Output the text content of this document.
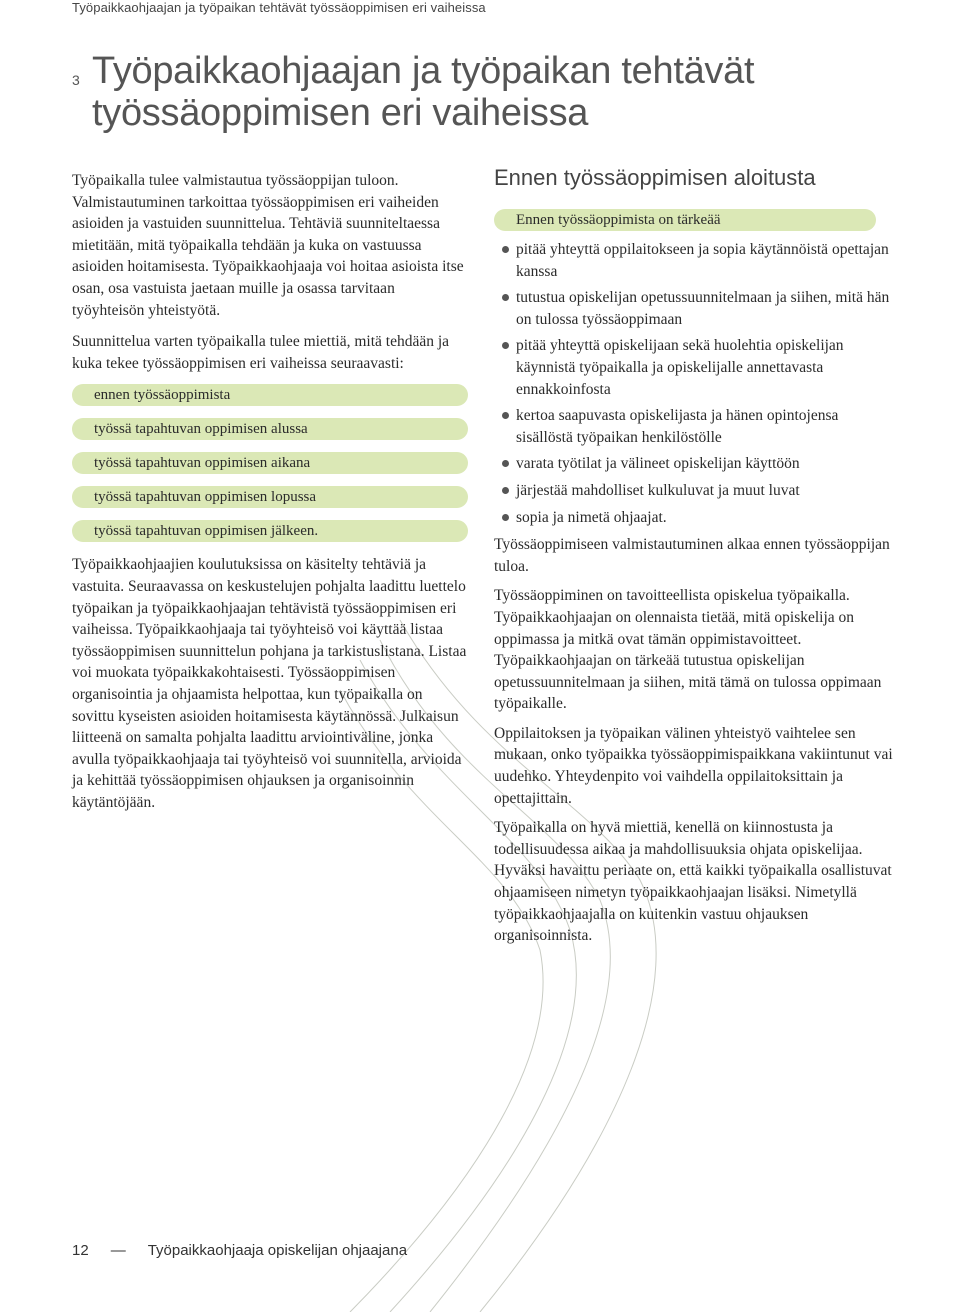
Työpaikkaohjaajan ja työpaikan tehtävät työssäoppimisen eri vaiheissa
3 Työpaikkaohjaajan ja työpaikan tehtävät työssäoppimisen eri vaiheissa

Työpaikalla tulee valmistautua työssäoppijan tuloon. Valmistautuminen tarkoittaa työssäoppimisen eri vaiheiden asioiden ja vastuiden suunnittelua. Tehtäviä suunniteltaessa mietitään, mitä työpaikalla tehdään ja kuka on vastuussa asioiden hoitamisesta. Työpaikkaohjaaja voi hoitaa asioista itse osan, osa vastuista jaetaan muille ja osassa tarvitaan työyhteisön yhteistyötä.

Suunnittelua varten työpaikalla tulee miettiä, mitä tehdään ja kuka tekee työssäoppimisen eri vaiheissa seuraavasti:

ennen työssäoppimista
työssä tapahtuvan oppimisen alussa
työssä tapahtuvan oppimisen aikana
työssä tapahtuvan oppimisen lopussa
työssä tapahtuvan oppimisen jälkeen.

Työpaikkaohjaajien koulutuksissa on käsitelty tehtäviä ja vastuita. Seuraavassa on keskustelujen pohjalta laadittu luettelo työpaikan ja työpaikkaohjaajan tehtävistä työssäoppimisen eri vaiheissa. Työpaikkaohjaaja tai työyhteisö voi käyttää listaa työssäoppimisen suunnittelun pohjana ja tarkistuslistana. Listaa voi muokata työpaikkakohtaisesti. Työssäoppimisen organisointia ja ohjaamista helpottaa, kun työpaikalla on sovittu kyseisten asioiden hoitamisesta käytännössä. Julkaisun liitteenä on samalta pohjalta laadittu arviointiväline, jonka avulla työpaikkaohjaaja tai työyhteisö voi suunnitella, arvioida ja kehittää työssäoppimisen ohjauksen ja organisoinnin käytäntöjään.

Ennen työssäoppimisen aloitusta
Ennen työssäoppimista on tärkeää
pitää yhteyttä oppilaitokseen ja sopia käytännöistä opettajan kanssa
tutustua opiskelijan opetussuunnitelmaan ja siihen, mitä hän on tulossa työssäoppimaan
pitää yhteyttä opiskelijaan sekä huolehtia opiskelijan käynnistä työpaikalla ja opiskelijalle annettavasta ennakkoinfosta
kertoa saapuvasta opiskelijasta ja hänen opintojensa sisällöstä työpaikan henkilöstölle
varata työtilat ja välineet opiskelijan käyttöön
järjestää mahdolliset kulkuluvat ja muut luvat
sopia ja nimetä ohjaajat.

Työssäoppimiseen valmistautuminen alkaa ennen työssäoppijan tuloa.

Työssäoppiminen on tavoitteellista opiskelua työpaikalla. Työpaikkaohjaajan on olennaista tietää, mitä opiskelija on oppimassa ja mitkä ovat tämän oppimistavoitteet. Työpaikkaohjaajan on tärkeää tutustua opiskelijan opetussuunnitelmaan ja siihen, mitä tämä on tulossa oppimaan työpaikalle.

Oppilaitoksen ja työpaikan välinen yhteistyö vaihtelee sen mukaan, onko työpaikka työssäoppimispaikkana vakiintunut vai uudehko. Yhteydenpito voi vaihdella oppilaitoksittain ja opettajittain.

Työpaikalla on hyvä miettiä, kenellä on kiinnostusta ja todellisuudessa aikaa ja mahdollisuuksia ohjata opiskelijaa. Hyväksi havaittu periaate on, että kaikki työpaikalla osallistuvat ohjaamiseen nimetyn työpaikkaohjaajan lisäksi. Nimetyllä työpaikkaohjaajalla on kuitenkin vastuu ohjauksen organisoinnista.

12 — Työpaikkaohjaaja opiskelijan ohjaajana
